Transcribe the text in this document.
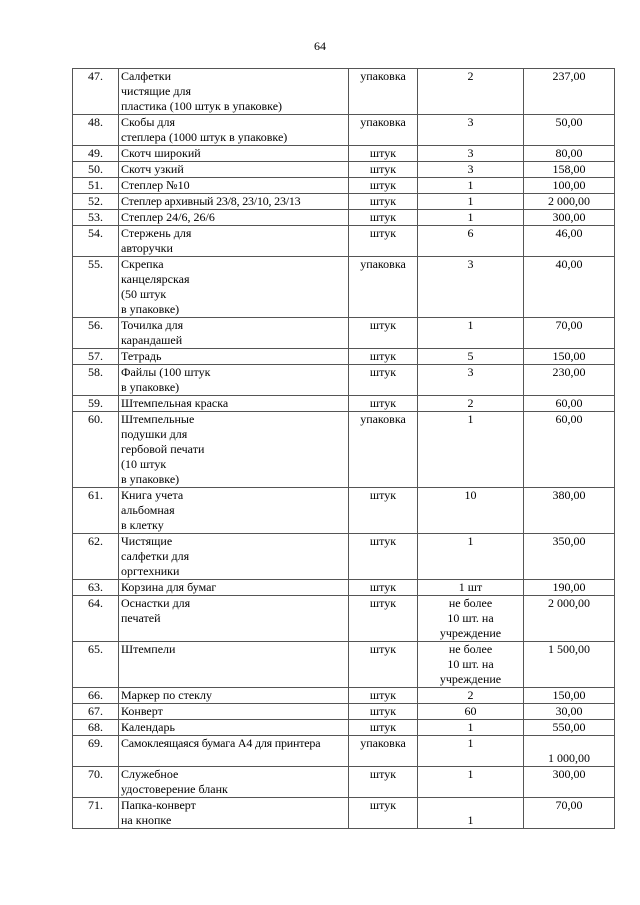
64
47.	Салфетки
чистящие для
пластика (100 штук в упаковке)	упаковка	2	237,00

48.	Скобы для
степлера (1000 штук в упаковке)	упаковка	3	50,00

49.	Скотч широкий	штук	3	80,00

50.	Скотч узкий	штук	3	158,00

51.	Степлер №10	штук	1	100,00

52.	Степлер архивный 23/8, 23/10, 23/13	штук	1	2 000,00

53.	Степлер 24/6, 26/6	штук	1	300,00

54.	Стержень для
авторучки	штук	6	46,00

55.	Скрепка
канцелярская
(50 штук
в упаковке)	упаковка	3	40,00

56.	Точилка для
карандашей	штук	1	70,00

57.	Тетрадь	штук	5	150,00

58.	Файлы (100 штук
в упаковке)	штук	3	230,00

59.	Штемпельная краска	штук	2	60,00

60.	Штемпельные
подушки для
гербовой печати
(10 штук
в упаковке)	упаковка	1	60,00

61.	Книга учета
альбомная
в клетку	штук	10	380,00

62.	Чистящие
салфетки для
оргтехники	штук	1	350,00

63.	Корзина для бумаг	штук	1 шт	190,00

64.	Оснастки для
печатей	штук	не более
10 шт. на
учреждение	2 000,00

65.	Штемпели	штук	не более
10 шт. на
учреждение	1 500,00

66.	Маркер по стеклу	штук	2	150,00

67.	Конверт	штук	60	30,00

68.	Календарь	штук	1	550,00

69.	Самоклеящаяся бумага А4 для принтера	упаковка	1	1 000,00

70.	Служебное
удостоверение бланк	штук	1	300,00

71.	Папка-конверт
на кнопке	штук	1	70,00
